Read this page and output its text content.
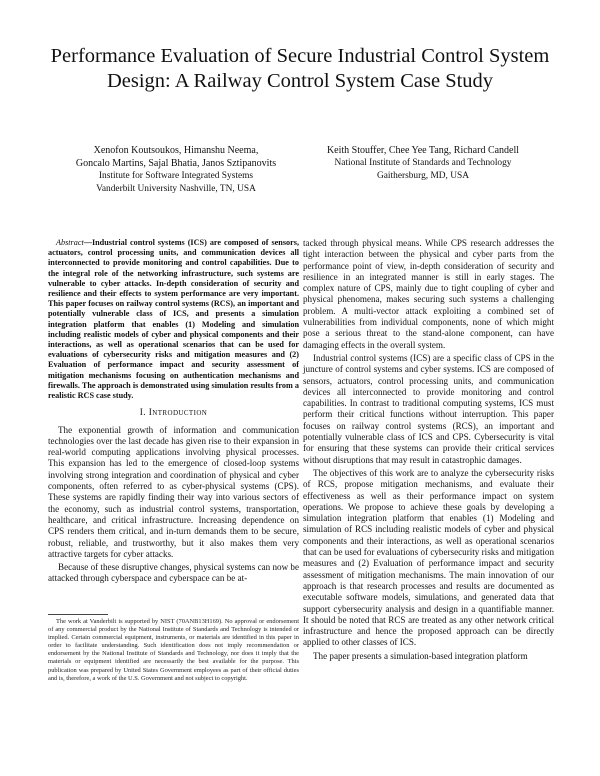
Performance Evaluation of Secure Industrial Control System Design: A Railway Control System Case Study
Xenofon Koutsoukos, Himanshu Neema,
Goncalo Martins, Sajal Bhatia, Janos Sztipanovits
Institute for Software Integrated Systems
Vanderbilt University Nashville, TN, USA
Keith Stouffer, Chee Yee Tang, Richard Candell
National Institute of Standards and Technology
Gaithersburg, MD, USA

Abstract—Industrial control systems (ICS) are composed of sensors, actuators, control processing units, and communication devices all interconnected to provide monitoring and control capabilities. Due to the integral role of the networking infrastructure, such systems are vulnerable to cyber attacks. In-depth consideration of security and resilience and their effects to system performance are very important. This paper focuses on railway control systems (RCS), an important and potentially vulnerable class of ICS, and presents a simulation integration platform that enables (1) Modeling and simulation including realistic models of cyber and physical components and their interactions, as well as operational scenarios that can be used for evaluations of cybersecurity risks and mitigation measures and (2) Evaluation of performance impact and security assessment of mitigation mechanisms focusing on authentication mechanisms and firewalls. The approach is demonstrated using simulation results from a realistic RCS case study.

I. Introduction

The exponential growth of information and communication technologies over the last decade has given rise to their expansion in real-world computing applications involving physical processes. This expansion has led to the emergence of closed-loop systems involving strong integration and coordination of physical and cyber components, often referred to as cyber-physical systems (CPS). These systems are rapidly finding their way into various sectors of the economy, such as industrial control systems, transportation, healthcare, and critical infrastructure. Increasing dependence on CPS renders them critical, and in-turn demands them to be secure, robust, reliable, and trustworthy, but it also makes them very attractive targets for cyber attacks.

Because of these disruptive changes, physical systems can now be attacked through cyberspace and cyberspace can be at-

tacked through physical means. While CPS research addresses the tight interaction between the physical and cyber parts from the performance point of view, in-depth consideration of security and resilience in an integrated manner is still in early stages. The complex nature of CPS, mainly due to tight coupling of cyber and physical phenomena, makes securing such systems a challenging problem. A multi-vector attack exploiting a combined set of vulnerabilities from individual components, none of which might pose a serious threat to the stand-alone component, can have damaging effects in the overall system.

Industrial control systems (ICS) are a specific class of CPS in the juncture of control systems and cyber systems. ICS are composed of sensors, actuators, control processing units, and communication devices all interconnected to provide monitoring and control capabilities. In contrast to traditional computing systems, ICS must perform their critical functions without interruption. This paper focuses on railway control systems (RCS), an important and potentially vulnerable class of ICS and CPS. Cybersecurity is vital for ensuring that these systems can provide their critical services without disruptions that may result in catastrophic damages.

The objectives of this work are to analyze the cybersecurity risks of RCS, propose mitigation mechanisms, and evaluate their effectiveness as well as their performance impact on system operations. We propose to achieve these goals by developing a simulation integration platform that enables (1) Modeling and simulation of RCS including realistic models of cyber and physical components and their interactions, as well as operational scenarios that can be used for evaluations of cybersecurity risks and mitigation measures and (2) Evaluation of performance impact and security assessment of mitigation mechanisms. The main innovation of our approach is that research processes and results are documented as executable software models, simulations, and generated data that support cybersecurity analysis and design in a quantifiable manner. It should be noted that RCS are treated as any other network critical infrastructure and hence the proposed approach can be directly applied to other classes of ICS.

The paper presents a simulation-based integration platform

The work at Vanderbilt is supported by NIST (70ANB13H169). No approval or endorsement of any commercial product by the National Institute of Standards and Technology is intended or implied. Certain commercial equipment, instruments, or materials are identified in this paper in order to facilitate understanding. Such identification does not imply recommendation or endorsement by the National Institute of Standards and Technology, nor does it imply that the materials or equipment identified are necessarily the best available for the purpose. This publication was prepared by United States Government employees as part of their official duties and is, therefore, a work of the U.S. Government and not subject to copyright.
